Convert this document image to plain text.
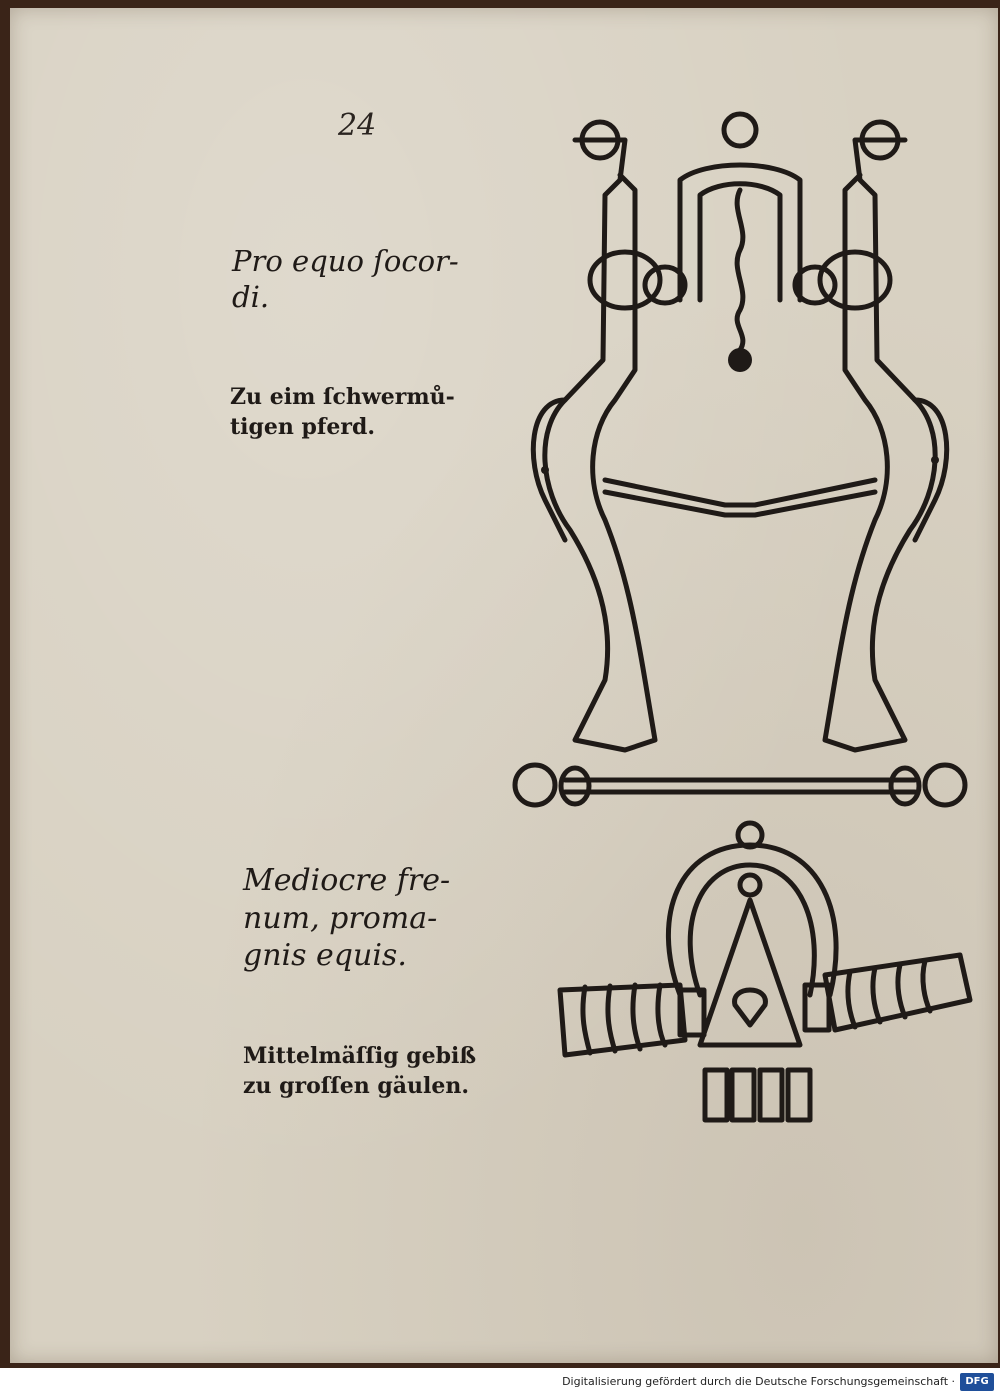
24
Pro equo ſocor-
di.
Zu eim ſchwermů-
tigen pferd.
Mediocre fre-
num, proma-
gnis equis.
Mittelmäſſig gebiß
zu groſſen gäulen.
Digitalisierung gefördert durch die Deutsche Forschungsgemeinschaft ·	DFG
